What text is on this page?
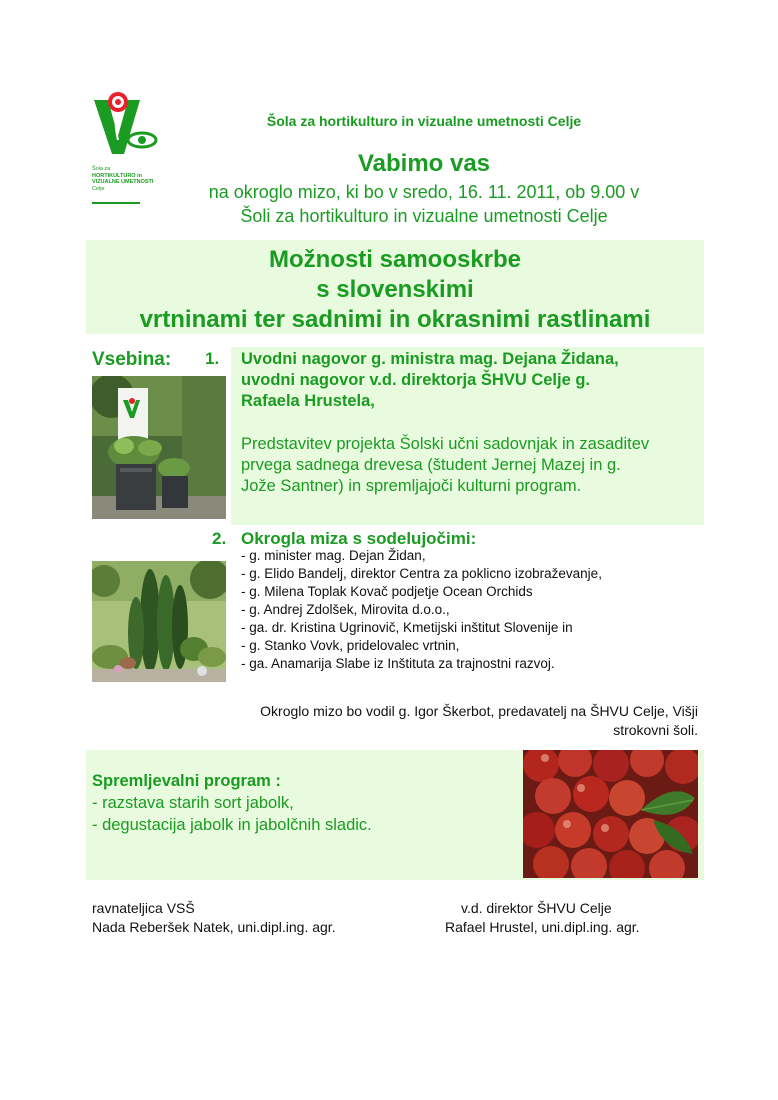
Šola za
HORTIKULTURO in
VIZUALNE UMETNOSTI
Celje
Šola za hortikulturo in vizualne umetnosti Celje
Vabimo vas
na okroglo mizo, ki bo v sredo, 16. 11. 2011, ob 9.00 v
Šoli za hortikulturo in vizualne umetnosti Celje
Možnosti samooskrbe
s slovenskimi
vrtninami ter sadnimi in okrasnimi rastlinami
Vsebina: 1. Uvodni nagovor g. ministra mag. Dejana Židana,
uvodni nagovor v.d. direktorja ŠHVU Celje g.
Rafaela Hrustela,
Predstavitev projekta Šolski učni sadovnjak in zasaditev
prvega sadnega drevesa (študent Jernej Mazej in g.
Jože Santner) in spremljajoči kulturni program.
2. Okrogla miza s sodelujočimi:
- g. minister mag. Dejan Židan,
- g. Elido Bandelj, direktor Centra za poklicno izobraževanje,
- g. Milena Toplak Kovač podjetje Ocean Orchids
- g. Andrej Zdolšek, Mirovita d.o.o.,
- ga. dr. Kristina Ugrinovič, Kmetijski inštitut Slovenije in
- g. Stanko Vovk, pridelovalec vrtnin,
- ga. Anamarija Slabe iz Inštituta za trajnostni razvoj.
Okroglo mizo bo vodil g. Igor Škerbot, predavatelj na ŠHVU Celje, Višji
strokovni šoli.
Spremljevalni program :
- razstava starih sort jabolk,
- degustacija jabolk in jabolčnih sladic.
ravnateljica VSŠ
Nada Reberšek Natek, uni.dipl.ing. agr.
v.d. direktor ŠHVU Celje
Rafael Hrustel, uni.dipl.ing. agr.
